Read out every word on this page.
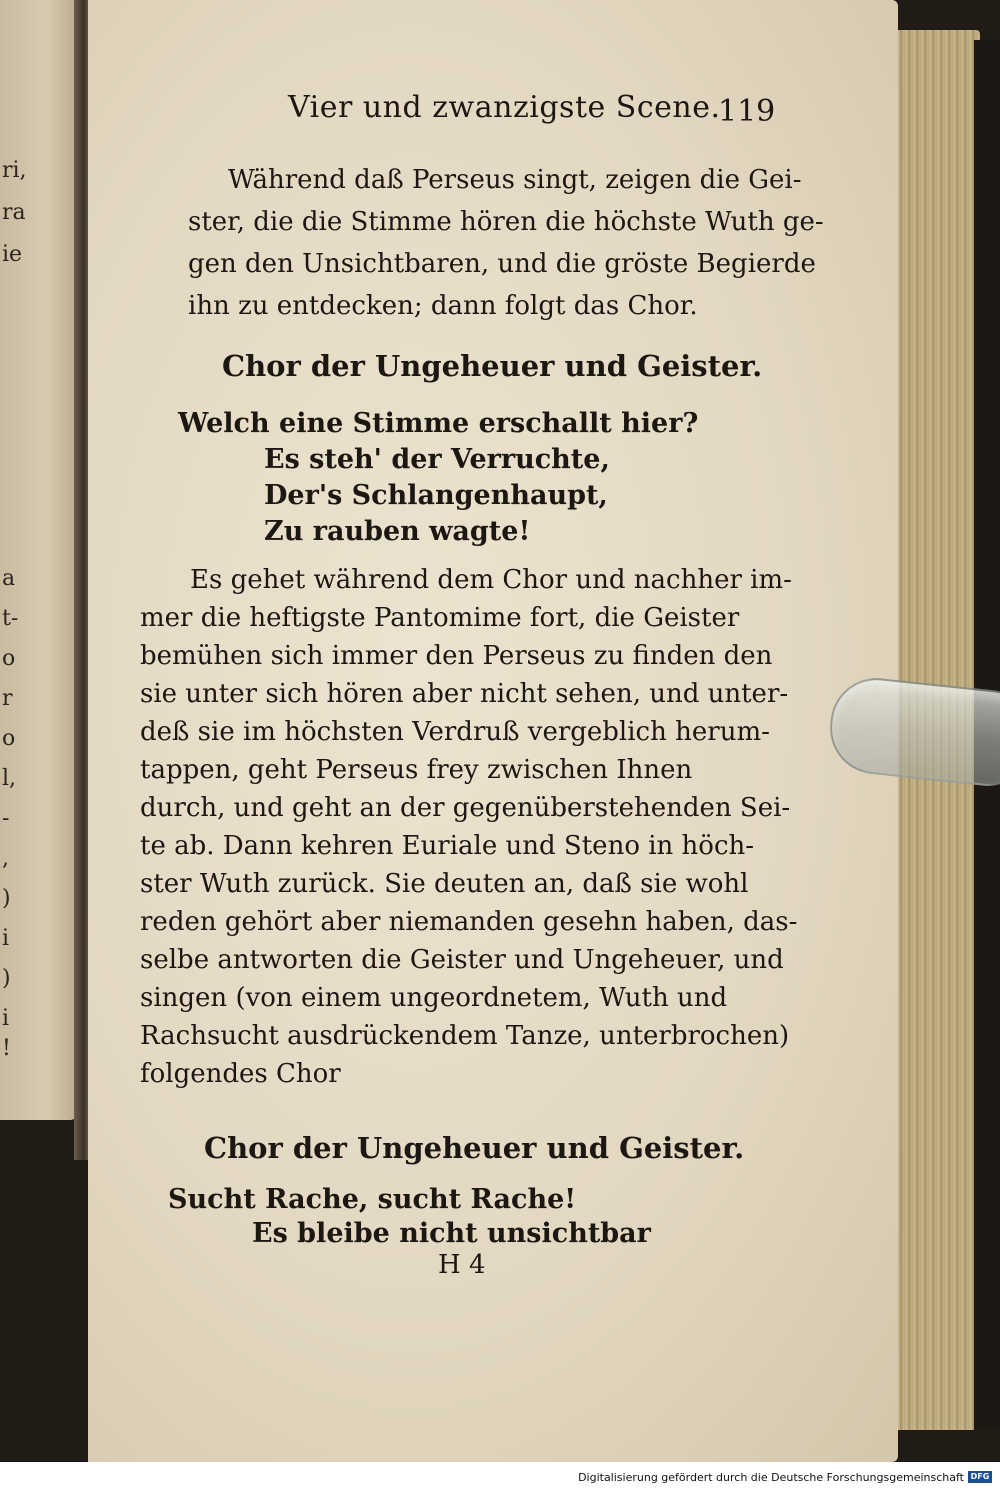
ri,
ra
ie
a
t-
o
r
o
l,
-
,
)
i
)
i
!
Vier und zwanzigste Scene.
119
Während daß Perseus singt, zeigen die Gei-
ster, die die Stimme hören die höchste Wuth ge-
gen den Unsichtbaren, und die gröste Begierde
ihn zu entdecken; dann folgt das Chor.
Chor der Ungeheuer und Geister.
Welch eine Stimme erschallt hier?
Es steh' der Verruchte,
Der's Schlangenhaupt,
Zu rauben wagte!
Es gehet während dem Chor und nachher im-
mer die heftigste Pantomime fort, die Geister
bemühen sich immer den Perseus zu finden den
sie unter sich hören aber nicht sehen, und unter-
deß sie im höchsten Verdruß vergeblich herum-
tappen, geht Perseus frey zwischen Ihnen
durch, und geht an der gegenüberstehenden Sei-
te ab. Dann kehren Euriale und Steno in höch-
ster Wuth zurück. Sie deuten an, daß sie wohl
reden gehört aber niemanden gesehn haben, das-
selbe antworten die Geister und Ungeheuer, und
singen (von einem ungeordnetem, Wuth und
Rachsucht ausdrückendem Tanze, unterbrochen)
folgendes Chor
Chor der Ungeheuer und Geister.
Sucht Rache, sucht Rache!
Es bleibe nicht unsichtbar
H 4
Digitalisierung gefördert durch die Deutsche Forschungsgemeinschaft DFG
